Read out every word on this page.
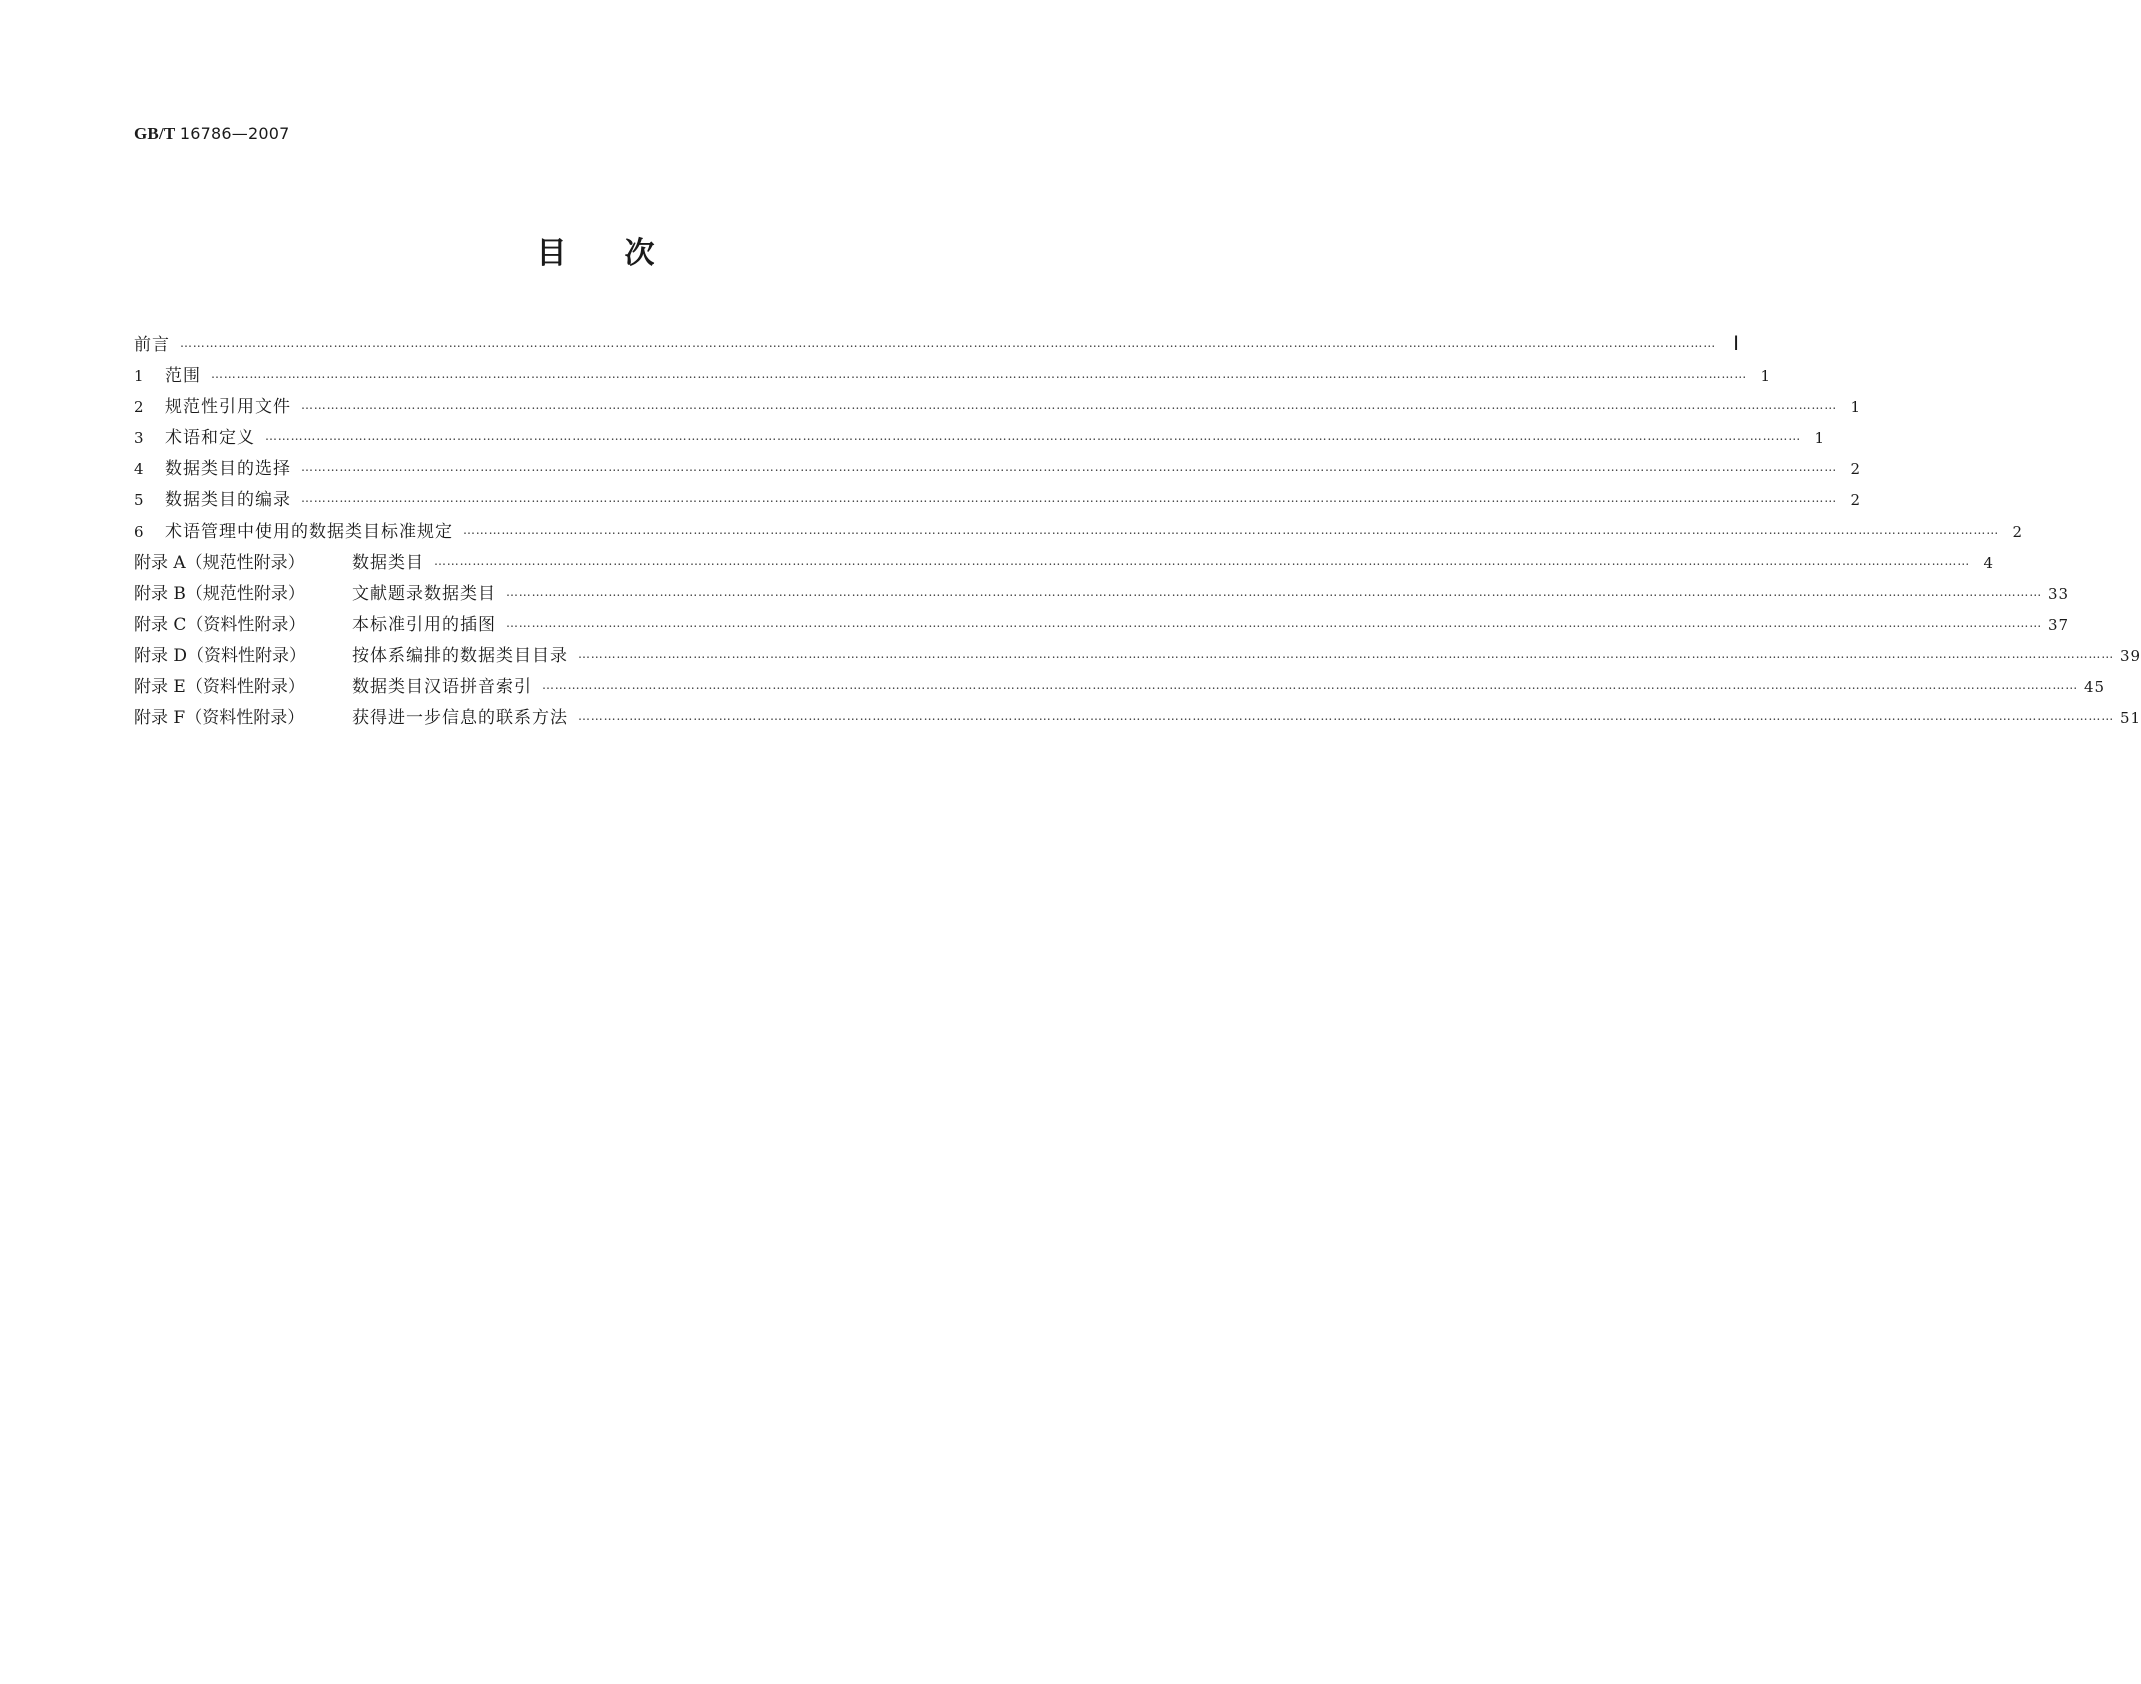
GB/T 16786—2007
目次
前言 ……………………………………………………………………………………………………………………………………………………………………………………………………………………………………………………………………………………………………………………………… Ⅰ
1	范围 ……………………………………………………………………………………………………………………………………………………………………………………………………………………………………………………………………………………………………………………………… 1
2	规范性引用文件 ……………………………………………………………………………………………………………………………………………………………………………………………………………………………………………………………………………………………………………………………… 1
3	术语和定义 ……………………………………………………………………………………………………………………………………………………………………………………………………………………………………………………………………………………………………………………………… 1
4	数据类目的选择 ……………………………………………………………………………………………………………………………………………………………………………………………………………………………………………………………………………………………………………………………… 2
5	数据类目的编录 ……………………………………………………………………………………………………………………………………………………………………………………………………………………………………………………………………………………………………………………………… 2
6	术语管理中使用的数据类目标准规定 ……………………………………………………………………………………………………………………………………………………………………………………………………………………………………………………………………………………………………………………………… 2
附录 A（规范性附录）	数据类目 ……………………………………………………………………………………………………………………………………………………………………………………………………………………………………………………………………………………………………………………………… 4
附录 B（规范性附录）	文献题录数据类目 ……………………………………………………………………………………………………………………………………………………………………………………………………………………………………………………………………………………………………………………………… 33
附录 C（资料性附录）	本标准引用的插图 ……………………………………………………………………………………………………………………………………………………………………………………………………………………………………………………………………………………………………………………………… 37
附录 D（资料性附录）	按体系编排的数据类目目录 ……………………………………………………………………………………………………………………………………………………………………………………………………………………………………………………………………………………………………………………………… 39
附录 E（资料性附录）	数据类目汉语拼音索引 ……………………………………………………………………………………………………………………………………………………………………………………………………………………………………………………………………………………………………………………………… 45
附录 F（资料性附录）	获得进一步信息的联系方法 ……………………………………………………………………………………………………………………………………………………………………………………………………………………………………………………………………………………………………………………………… 51
